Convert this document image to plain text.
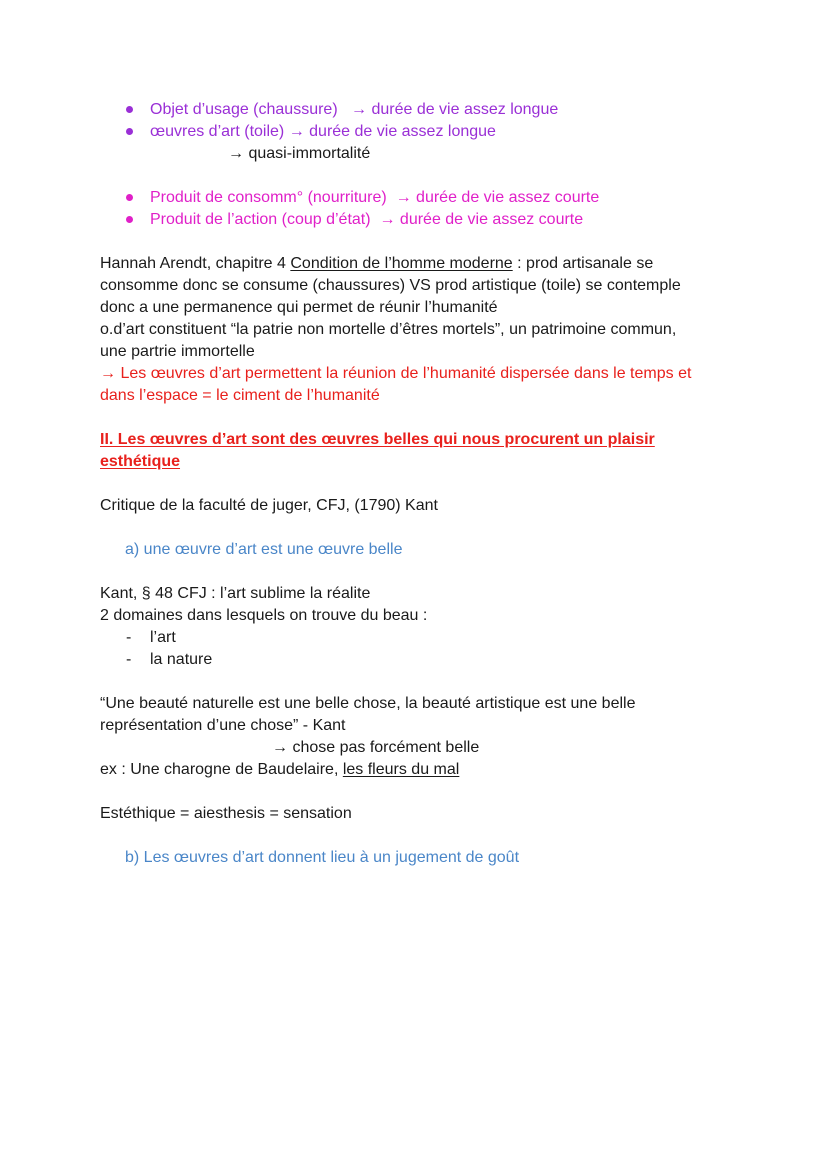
Objet d’usage (chaussure) → durée de vie assez longue
œuvres d’art (toile) → durée de vie assez longue
→ quasi-immortalité
Produit de consomm° (nourriture) → durée de vie assez courte
Produit de l’action (coup d’état) → durée de vie assez courte
Hannah Arendt, chapitre 4 Condition de l’homme moderne : prod artisanale se
consomme donc se consume (chaussures) VS prod artistique (toile) se contemple
donc a une permanence qui permet de réunir l’humanité
o.d’art constituent “la patrie non mortelle d’êtres mortels”, un patrimoine commun,
une partrie immortelle
→ Les œuvres d’art permettent la réunion de l’humanité dispersée dans le temps et
dans l’espace = le ciment de l’humanité
II. Les œuvres d’art sont des œuvres belles qui nous procurent un plaisir
esthétique
Critique de la faculté de juger, CFJ, (1790) Kant
a) une œuvre d’art est une œuvre belle
Kant, § 48 CFJ : l’art sublime la réalite
2 domaines dans lesquels on trouve du beau :
- l’art
- la nature
“Une beauté naturelle est une belle chose, la beauté artistique est une belle
représentation d’une chose” - Kant
→ chose pas forcément belle
ex : Une charogne de Baudelaire, les fleurs du mal
Estéthique = aiesthesis = sensation
b) Les œuvres d’art donnent lieu à un jugement de goût
